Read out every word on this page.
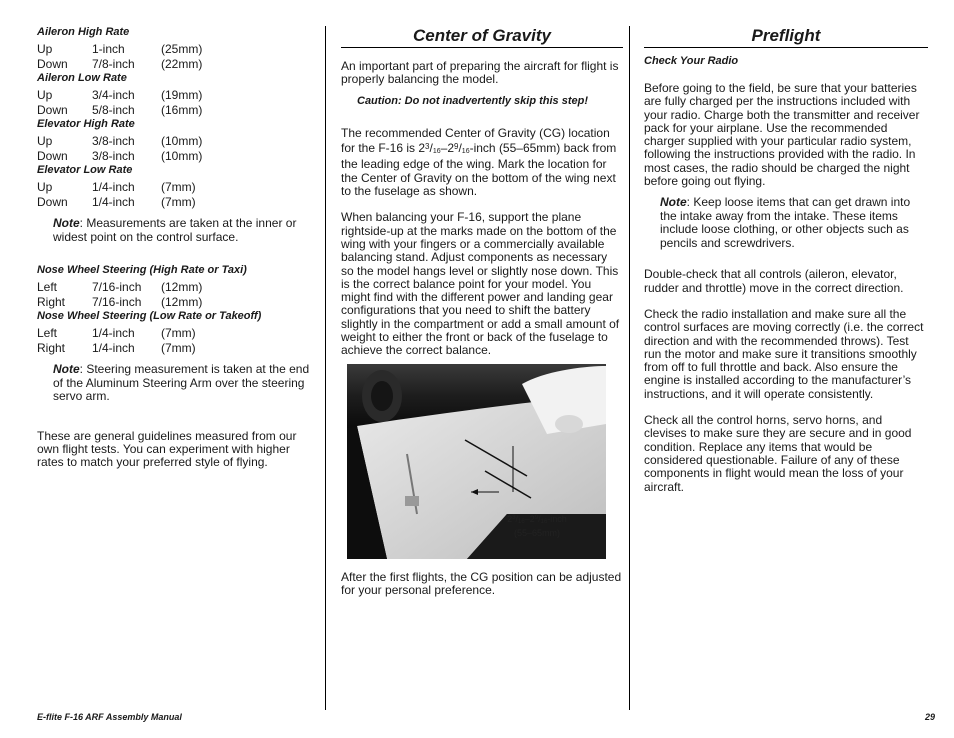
Aileron High Rate

Up	1-inch	(25mm)
Down	7/8-inch	(22mm)

Aileron Low Rate

Up	3/4-inch	(19mm)
Down	5/8-inch	(16mm)

Elevator High Rate

Up	3/8-inch	(10mm)
Down	3/8-inch	(10mm)

Elevator Low Rate

Up	1/4-inch	(7mm)
Down	1/4-inch	(7mm)

Note: Measurements are taken at the inner or widest point on the control surface.

Nose Wheel Steering (High Rate or Taxi)

Left	7/16-inch	(12mm)
Right	7/16-inch	(12mm)

Nose Wheel Steering (Low Rate or Takeoff)

Left	1/4-inch	(7mm)
Right	1/4-inch	(7mm)

Note: Steering measurement is taken at the end of the Aluminum Steering Arm over the steering servo arm.

These are general guidelines measured from our own flight tests. You can experiment with higher rates to match your preferred style of flying.

Center of Gravity

An important part of preparing the aircraft for flight is properly balancing the model.

Caution: Do not inadvertently skip this step!

The recommended Center of Gravity (CG) location for the F-16 is $2^3/16-2^9/16$-inch (55–65mm) back from the leading edge of the wing. Mark the location for the Center of Gravity on the bottom of the wing next to the fuselage as shown.

When balancing your F-16, support the plane rightside-up at the marks made on the bottom of the wing with your fingers or a commercially available balancing stand. Adjust components as necessary so the model hangs level or slightly nose down. This is the correct balance point for your model. You might find with the different power and landing gear configurations that you need to shift the battery slightly in the compartment or add a small amount of weight to either the front or back of the fuselage to achieve the correct balance.

$2^3/16-2^9/16$-inch
(55–65mm)

After the first flights, the CG position can be adjusted for your personal preference.

Preflight

Check Your Radio

Before going to the field, be sure that your batteries are fully charged per the instructions included with your radio. Charge both the transmitter and receiver pack for your airplane. Use the recommended charger supplied with your particular radio system, following the instructions provided with the radio. In most cases, the radio should be charged the night before going out flying.

Note: Keep loose items that can get drawn into the intake away from the intake. These items include loose clothing, or other objects such as pencils and screwdrivers.

Double-check that all controls (aileron, elevator, rudder and throttle) move in the correct direction.

Check the radio installation and make sure all the control surfaces are moving correctly (i.e. the correct direction and with the recommended throws). Test run the motor and make sure it transitions smoothly from off to full throttle and back. Also ensure the engine is installed according to the manufacturer’s instructions, and it will operate consistently.

Check all the control horns, servo horns, and clevises to make sure they are secure and in good condition. Replace any items that would be considered questionable. Failure of any of these components in flight would mean the loss of your aircraft.

E-flite F-16 ARF Assembly Manual	29
